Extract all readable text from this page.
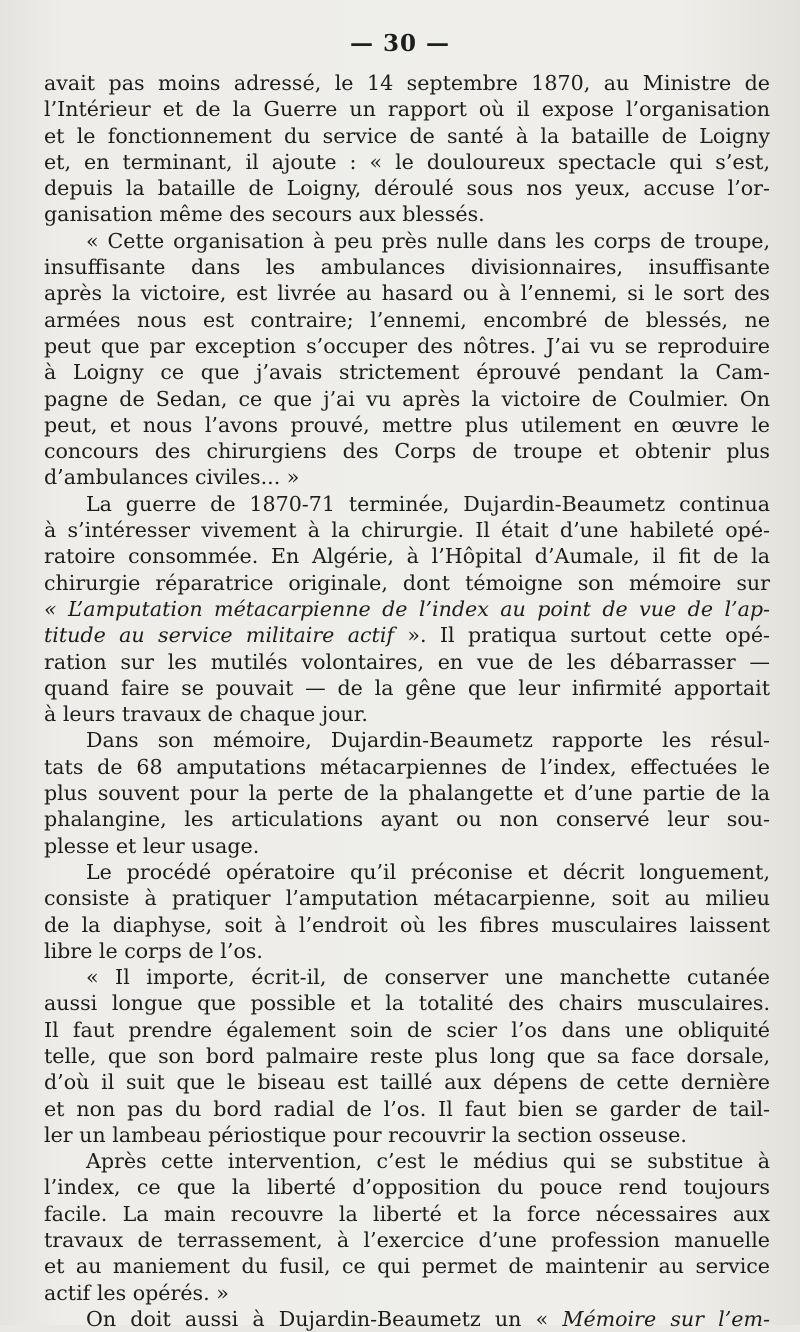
— 30 —
avait pas moins adressé, le 14 septembre 1870, au Ministre de
l’Intérieur et de la Guerre un rapport où il expose l’organisation
et le fonctionnement du service de santé à la bataille de Loigny
et, en terminant, il ajoute : « le douloureux spectacle qui s’est,
depuis la bataille de Loigny, déroulé sous nos yeux, accuse l’or-
ganisation même des secours aux blessés.
« Cette organisation à peu près nulle dans les corps de troupe,
insuffisante dans les ambulances divisionnaires, insuffisante
après la victoire, est livrée au hasard ou à l’ennemi, si le sort des
armées nous est contraire; l’ennemi, encombré de blessés, ne
peut que par exception s’occuper des nôtres. J’ai vu se reproduire
à Loigny ce que j’avais strictement éprouvé pendant la Cam-
pagne de Sedan, ce que j’ai vu après la victoire de Coulmier. On
peut, et nous l’avons prouvé, mettre plus utilement en œuvre le
concours des chirurgiens des Corps de troupe et obtenir plus
d’ambulances civiles... »
La guerre de 1870-71 terminée, Dujardin-Beaumetz continua
à s’intéresser vivement à la chirurgie. Il était d’une habileté opé-
ratoire consommée. En Algérie, à l’Hôpital d’Aumale, il fit de la
chirurgie réparatrice originale, dont témoigne son mémoire sur
« L’amputation métacarpienne de l’index au point de vue de l’ap-
titude au service militaire actif ». Il pratiqua surtout cette opé-
ration sur les mutilés volontaires, en vue de les débarrasser —
quand faire se pouvait — de la gêne que leur infirmité apportait
à leurs travaux de chaque jour.
Dans son mémoire, Dujardin-Beaumetz rapporte les résul-
tats de 68 amputations métacarpiennes de l’index, effectuées le
plus souvent pour la perte de la phalangette et d’une partie de la
phalangine, les articulations ayant ou non conservé leur sou-
plesse et leur usage.
Le procédé opératoire qu’il préconise et décrit longuement,
consiste à pratiquer l’amputation métacarpienne, soit au milieu
de la diaphyse, soit à l’endroit où les fibres musculaires laissent
libre le corps de l’os.
« Il importe, écrit-il, de conserver une manchette cutanée
aussi longue que possible et la totalité des chairs musculaires.
Il faut prendre également soin de scier l’os dans une obliquité
telle, que son bord palmaire reste plus long que sa face dorsale,
d’où il suit que le biseau est taillé aux dépens de cette dernière
et non pas du bord radial de l’os. Il faut bien se garder de tail-
ler un lambeau périostique pour recouvrir la section osseuse.
Après cette intervention, c’est le médius qui se substitue à
l’index, ce que la liberté d’opposition du pouce rend toujours
facile. La main recouvre la liberté et la force nécessaires aux
travaux de terrassement, à l’exercice d’une profession manuelle
et au maniement du fusil, ce qui permet de maintenir au service
actif les opérés. »
On doit aussi à Dujardin-Beaumetz un « Mémoire sur l’em-
